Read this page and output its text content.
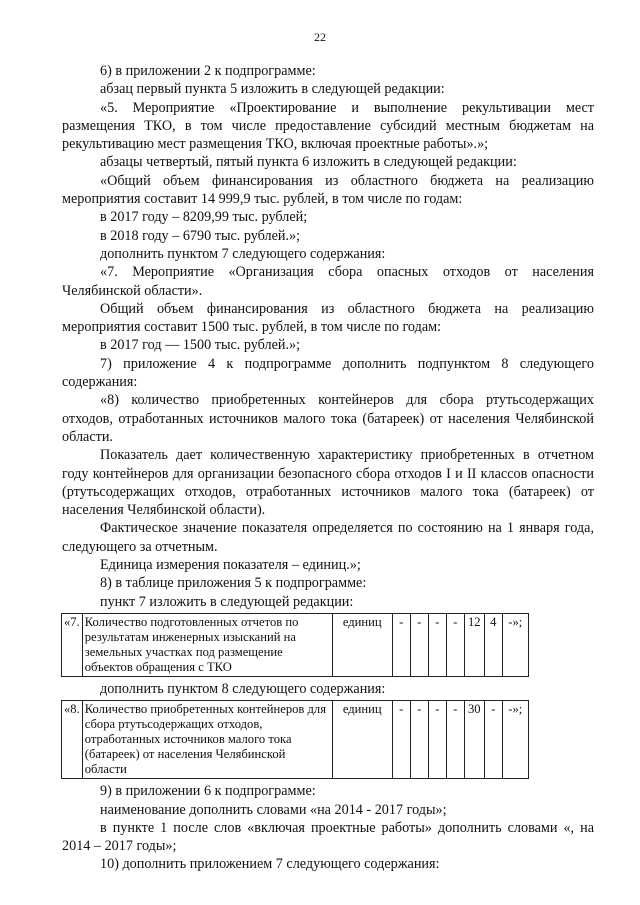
22

6) в приложении 2 к подпрограмме:

абзац первый пункта 5 изложить в следующей редакции:

«5. Мероприятие «Проектирование и выполнение рекультивации мест размещения ТКО, в том числе предоставление субсидий местным бюджетам на рекультивацию мест размещения ТКО, включая проектные работы».»;

абзацы четвертый, пятый пункта 6 изложить в следующей редакции:

«Общий объем финансирования из областного бюджета на реализацию мероприятия составит 14 999,9 тыс. рублей, в том числе по годам:

в 2017 году – 8209,99 тыс. рублей;

в 2018 году – 6790 тыс. рублей.»;

дополнить пунктом 7 следующего содержания:

«7. Мероприятие «Организация сбора опасных отходов от населения Челябинской области».

Общий объем финансирования из областного бюджета на реализацию мероприятия составит 1500 тыс. рублей, в том числе по годам:

в 2017 год — 1500 тыс. рублей.»;

7) приложение 4 к подпрограмме дополнить подпунктом 8 следующего содержания:

«8) количество приобретенных контейнеров для сбора ртутьсодержащих отходов, отработанных источников малого тока (батареек) от населения Челябинской области.

Показатель дает количественную характеристику приобретенных в отчетном году контейнеров для организации безопасного сбора отходов I и II классов опасности (ртутьсодержащих отходов, отработанных источников малого тока (батареек) от населения Челябинской области).

Фактическое значение показателя определяется по состоянию на 1 января года, следующего за отчетным.

Единица измерения показателя – единиц.»;

8) в таблице приложения 5 к подпрограмме:

пункт 7 изложить в следующей редакции:

«7.	Количество подготовленных отчетов по результатам инженерных изысканий на земельных участках под размещение объектов обращения с ТКО	единиц	-	-	-	-	12	4	-»;

дополнить пунктом 8 следующего содержания:

«8.	Количество приобретенных контейнеров для сбора ртутьсодержащих отходов, отработанных источников малого тока (батареек) от населения Челябинской области	единиц	-	-	-	-	30	-	-»;

9) в приложении 6 к подпрограмме:

наименование дополнить словами «на 2014 - 2017 годы»;

в пункте 1 после слов «включая проектные работы» дополнить словами «, на 2014 – 2017 годы»;

10) дополнить приложением 7 следующего содержания:
